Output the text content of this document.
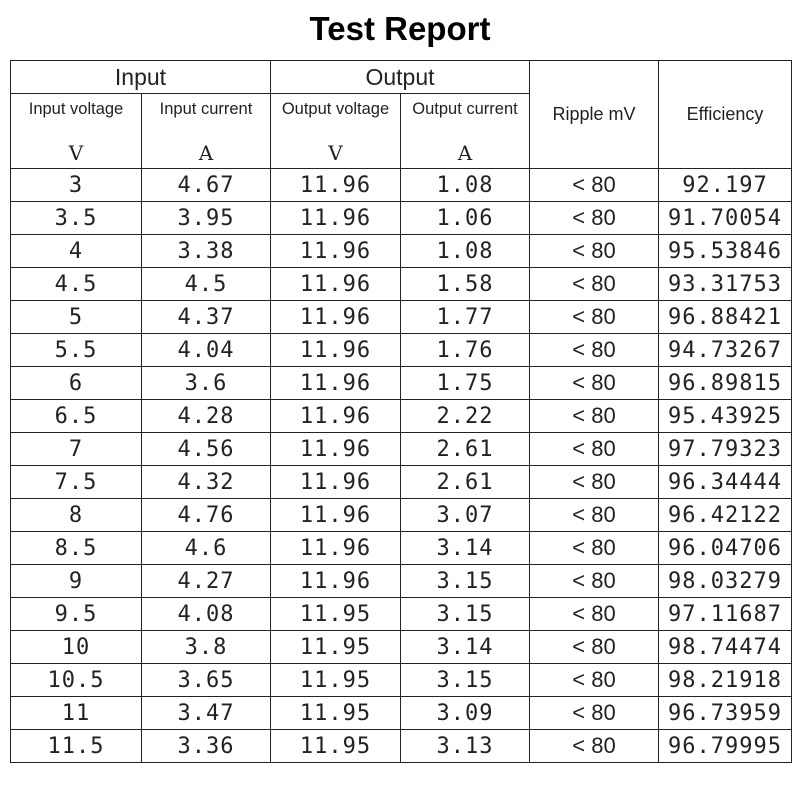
Test Report
Input		Output		Ripple mV	Efficiency
Input voltage	Input current	Output voltage	Output current		
V	A	V	A		
3	4.67	11.96	1.08	< 80	92.197
3.5	3.95	11.96	1.06	< 80	91.70054
4	3.38	11.96	1.08	< 80	95.53846
4.5	4.5	11.96	1.58	< 80	93.31753
5	4.37	11.96	1.77	< 80	96.88421
5.5	4.04	11.96	1.76	< 80	94.73267
6	3.6	11.96	1.75	< 80	96.89815
6.5	4.28	11.96	2.22	< 80	95.43925
7	4.56	11.96	2.61	< 80	97.79323
7.5	4.32	11.96	2.61	< 80	96.34444
8	4.76	11.96	3.07	< 80	96.42122
8.5	4.6	11.96	3.14	< 80	96.04706
9	4.27	11.96	3.15	< 80	98.03279
9.5	4.08	11.95	3.15	< 80	97.11687
10	3.8	11.95	3.14	< 80	98.74474
10.5	3.65	11.95	3.15	< 80	98.21918
11	3.47	11.95	3.09	< 80	96.73959
11.5	3.36	11.95	3.13	< 80	96.79995
